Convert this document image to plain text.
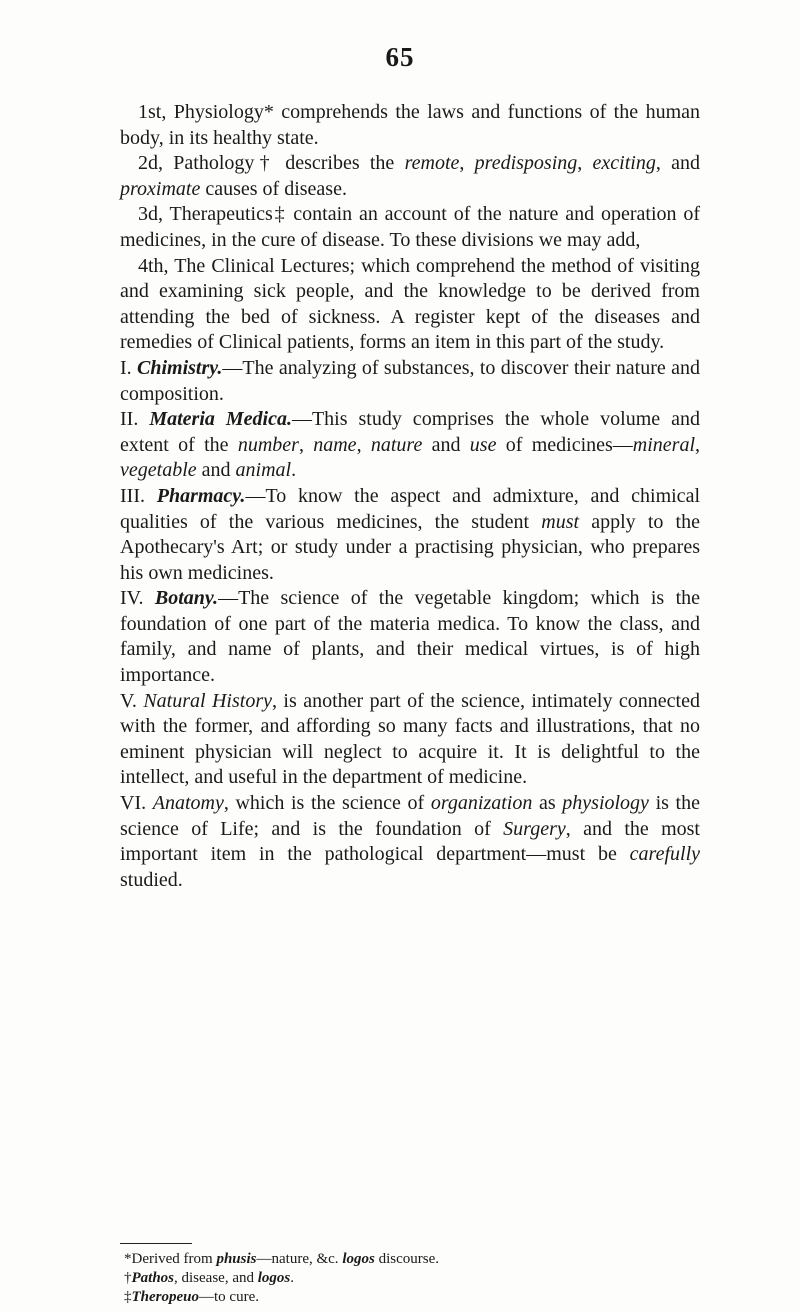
65

1st, Physiology* comprehends the laws and functions of the human body, in its healthy state.

2d, Pathology† describes the remote, predisposing, exciting, and proximate causes of disease.

3d, Therapeutics‡ contain an account of the nature and operation of medicines, in the cure of disease. To these divisions we may add,

4th, The Clinical Lectures; which comprehend the method of visiting and examining sick people, and the knowledge to be derived from attending the bed of sickness. A register kept of the diseases and remedies of Clinical patients, forms an item in this part of the study.

I. Chimistry.—The analyzing of substances, to discover their nature and composition.

II. Materia Medica.—This study comprises the whole volume and extent of the number, name, nature and use of medicines—mineral, vegetable and animal.

III. Pharmacy.—To know the aspect and admixture, and chimical qualities of the various medicines, the student must apply to the Apothecary's Art; or study under a practising physician, who prepares his own medicines.

IV. Botany.—The science of the vegetable kingdom; which is the foundation of one part of the materia medica. To know the class, and family, and name of plants, and their medical virtues, is of high importance.

V. Natural History, is another part of the science, intimately connected with the former, and affording so many facts and illustrations, that no eminent physician will neglect to acquire it. It is delightful to the intellect, and useful in the department of medicine.

VI. Anatomy, which is the science of organization as physiology is the science of Life; and is the foundation of Surgery, and the most important item in the pathological department—must be carefully studied.

*Derived from phusis—nature, &c. logos discourse.

†Pathos, disease, and logos.

‡Theropeuo—to cure.
